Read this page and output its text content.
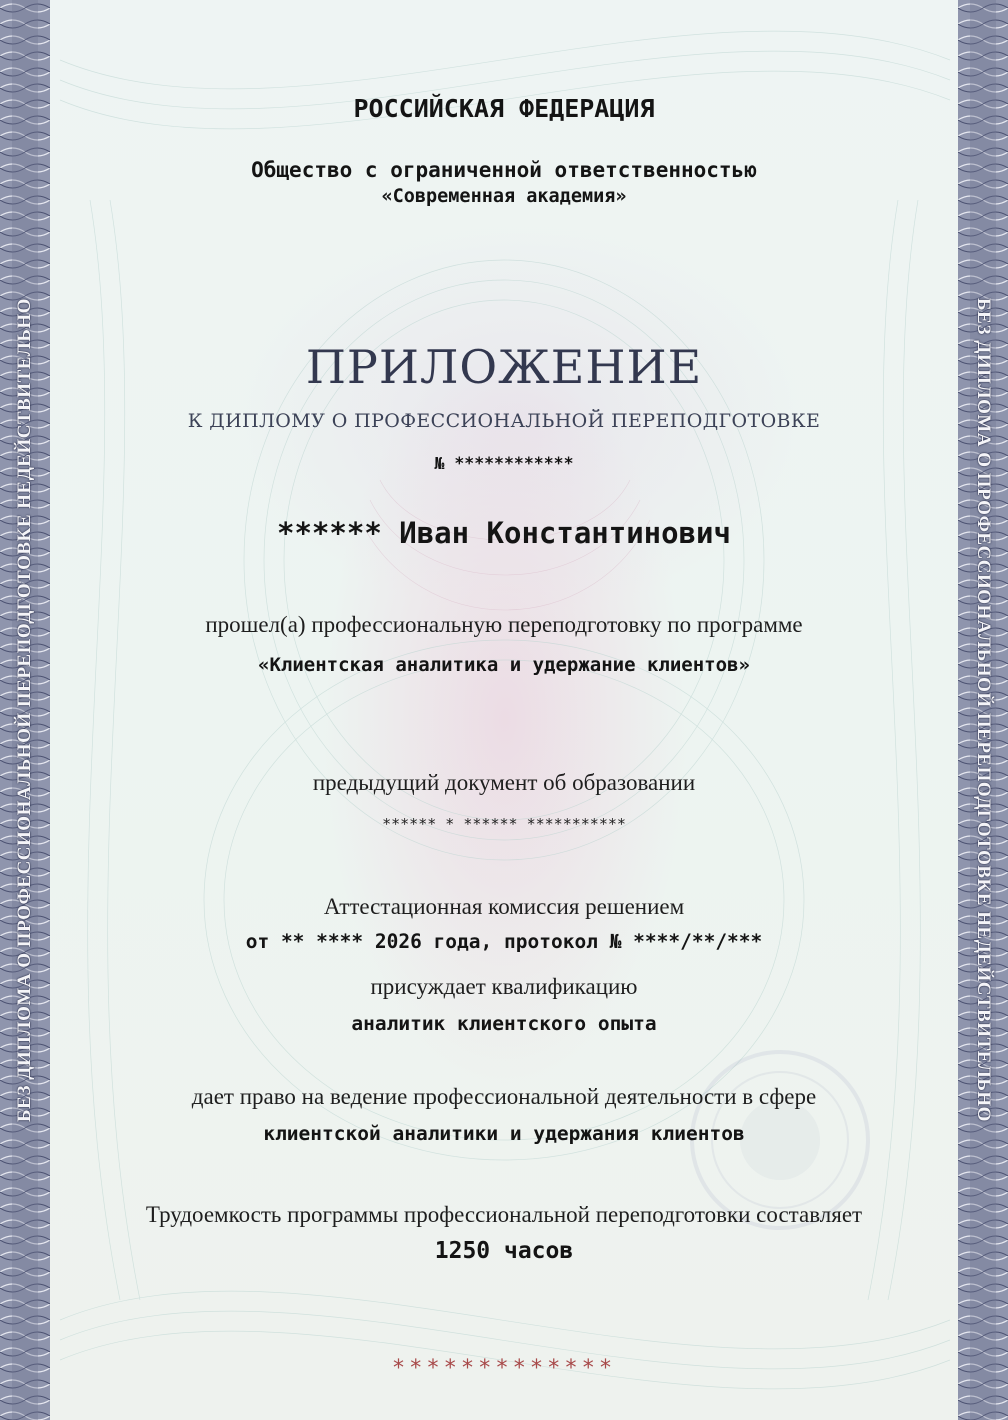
БЕЗ ДИПЛОМА О ПРОФЕССИОНАЛЬНОЙ ПЕРЕПОДГОТОВКЕ НЕДЕЙСТВИТЕЛЬНО	БЕЗ ДИПЛОМА О ПРОФЕССИОНАЛЬНОЙ ПЕРЕПОДГОТОВКЕ НЕДЕЙСТВИТЕЛЬНО
РОССИЙСКАЯ ФЕДЕРАЦИЯ
Общество с ограниченной ответственностью
«Современная академия»
ПРИЛОЖЕНИЕ
К ДИПЛОМУ О ПРОФЕССИОНАЛЬНОЙ ПЕРЕПОДГОТОВКЕ
№ ************
****** Иван Константинович
прошел(а) профессиональную переподготовку по программе
«Клиентская аналитика и удержание клиентов»
предыдущий документ об образовании
****** * ****** ***********
Аттестационная комиссия решением
от ** **** 2026 года, протокол № ****/**/***
присуждает квалификацию
аналитик клиентского опыта
дает право на ведение профессиональной деятельности в сфере
клиентской аналитики и удержания клиентов
Трудоемкость программы профессиональной переподготовки составляет
1250 часов
*************
